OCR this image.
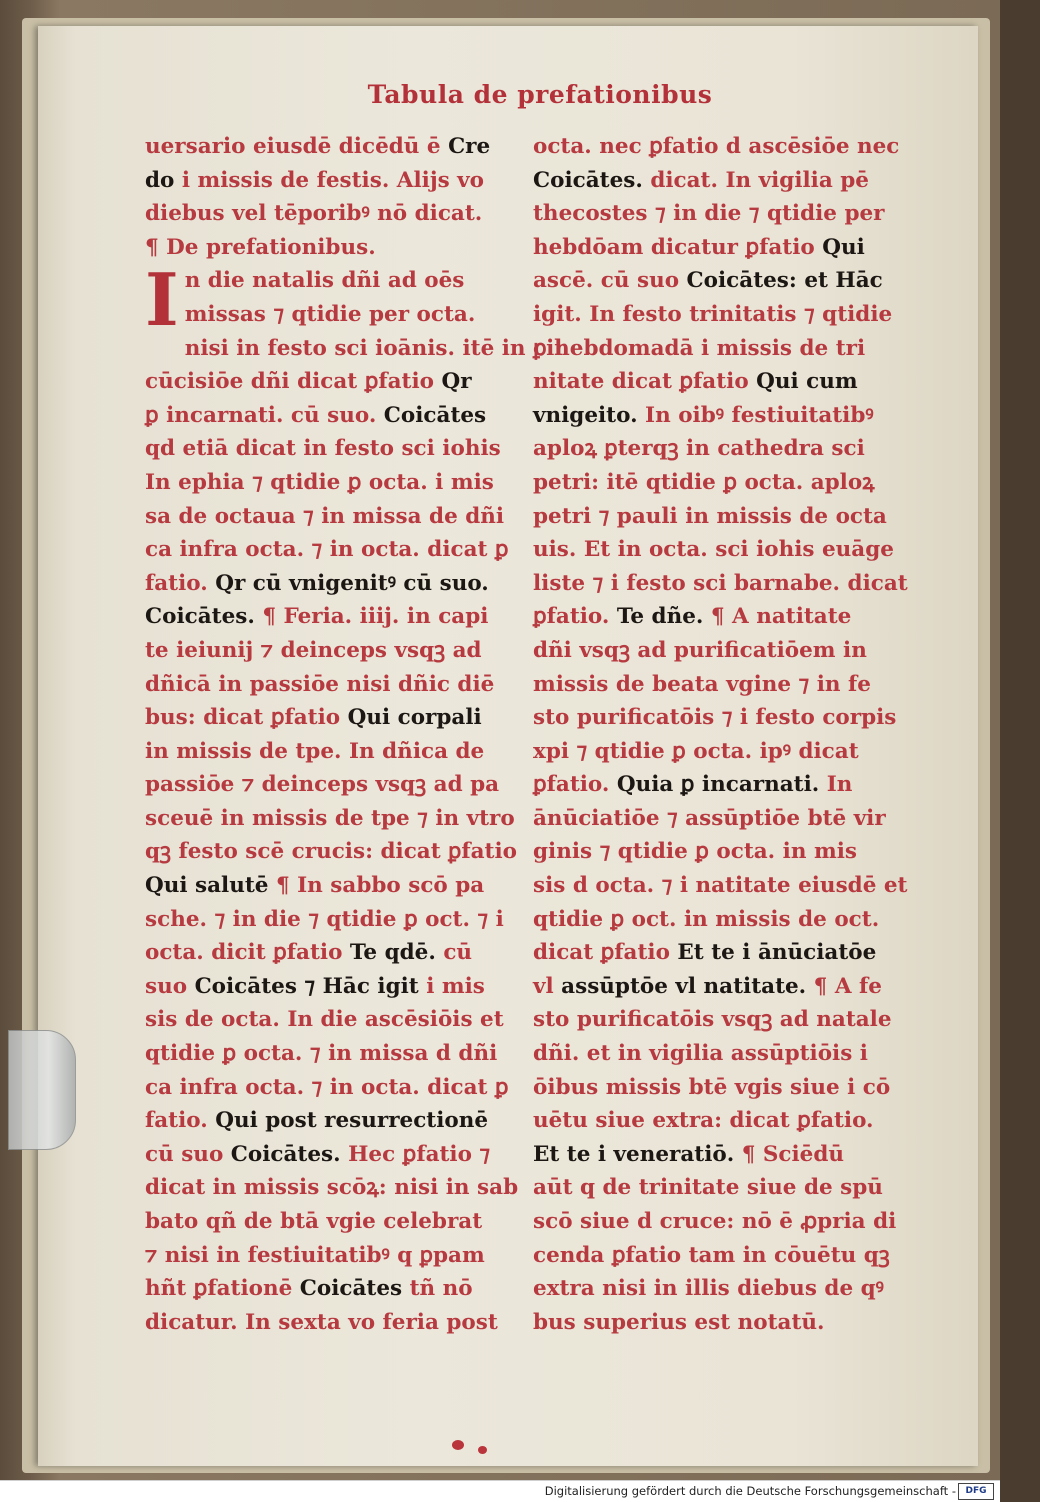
Tabula de prefationibus
uersario eiusdē dicēdū ē Cre
do i missis de festis. Alijs vo
diebus vel tēporibꝰ nō dicat.
¶ De prefationibus.
In die natalis dñi ad oēs
missas ⁊ qtidie per octa.
nisi in festo sci ioānis. itē in cir
cūcisiōe dñi dicat ꝑfatio Qr
ꝑ incarnati. cū suo. Coicātes
qd etiā dicat in festo sci iohis
In ephia ⁊ qtidie ꝑ octa. i mis
sa de octaua ⁊ in missa de dñi
ca infra octa. ⁊ in octa. dicat ꝑ
fatio. Qr cū vnigenitꝰ cū suo.
Coicātes. ¶ Feria. iiij. in capi
te ieiunij ⁊ deinceps vsqꝫ ad
dñicā in passiōe nisi dñic diē
bus: dicat ꝑfatio Qui corpali
in missis de tpe. In dñica de
passiōe ⁊ deinceps vsqꝫ ad pa
sceuē in missis de tpe ⁊ in vtro
qꝫ festo scē crucis: dicat ꝑfatio
Qui salutē ¶ In sabbo scō pa
sche. ⁊ in die ⁊ qtidie ꝑ oct. ⁊ i
octa. dicit ꝑfatio Te qdē. cū
suo Coicātes ⁊ Hāc igit i mis
sis de octa. In die ascēsiōis et
qtidie ꝑ octa. ⁊ in missa d dñi
ca infra octa. ⁊ in octa. dicat ꝑ
fatio. Qui post resurrectionē
cū suo Coicātes. Hec ꝑfatio ⁊
dicat in missis scōꝝ: nisi in sab
bato qñ de btā vgie celebrat
⁊ nisi in festiuitatibꝰ q ꝑpam
hñt ꝑfationē Coicātes tñ nō
dicatur. In sexta vo feria post
octa. nec ꝑfatio d ascēsiōe nec
Coicātes. dicat. In vigilia pē
thecostes ⁊ in die ⁊ qtidie per
hebdōam dicatur ꝑfatio Qui
ascē. cū suo Coicātes: et Hāc
igit. In festo trinitatis ⁊ qtidie
ꝑ hebdomadā i missis de tri
nitate dicat ꝑfatio Qui cum
vnigeito. In oibꝰ festiuitatibꝰ
aploꝝ ꝑterqꝫ in cathedra sci
petri: itē qtidie ꝑ octa. aploꝝ
petri ⁊ pauli in missis de octa
uis. Et in octa. sci iohis euāge
liste ⁊ i festo sci barnabe. dicat
ꝑfatio. Te dñe. ¶ A natitate
dñi vsqꝫ ad purificatiōem in
missis de beata vgine ⁊ in fe
sto purificatōis ⁊ i festo corpis
xpi ⁊ qtidie ꝑ octa. ipꝰ dicat
ꝑfatio. Quia ꝑ incarnati. In
ānūciatiōe ⁊ assūptiōe btē vir
ginis ⁊ qtidie ꝑ octa. in mis
sis d octa. ⁊ i natitate eiusdē et
qtidie ꝑ oct. in missis de oct.
dicat ꝑfatio Et te i ānūciatōe
vl assūptōe vl natitate. ¶ A fe
sto purificatōis vsqꝫ ad natale
dñi. et in vigilia assūptiōis i
ōibus missis btē vgis siue i cō
uētu siue extra: dicat ꝑfatio.
Et te i veneratiō. ¶ Sciēdū
aūt q de trinitate siue de spū
scō siue d cruce: nō ē ꝓpria di
cenda ꝑfatio tam in cōuētu qꝫ
extra nisi in illis diebus de qꝰ
bus superius est notatū.
Digitalisierung gefördert durch die Deutsche Forschungsgemeinschaft -	DFG
